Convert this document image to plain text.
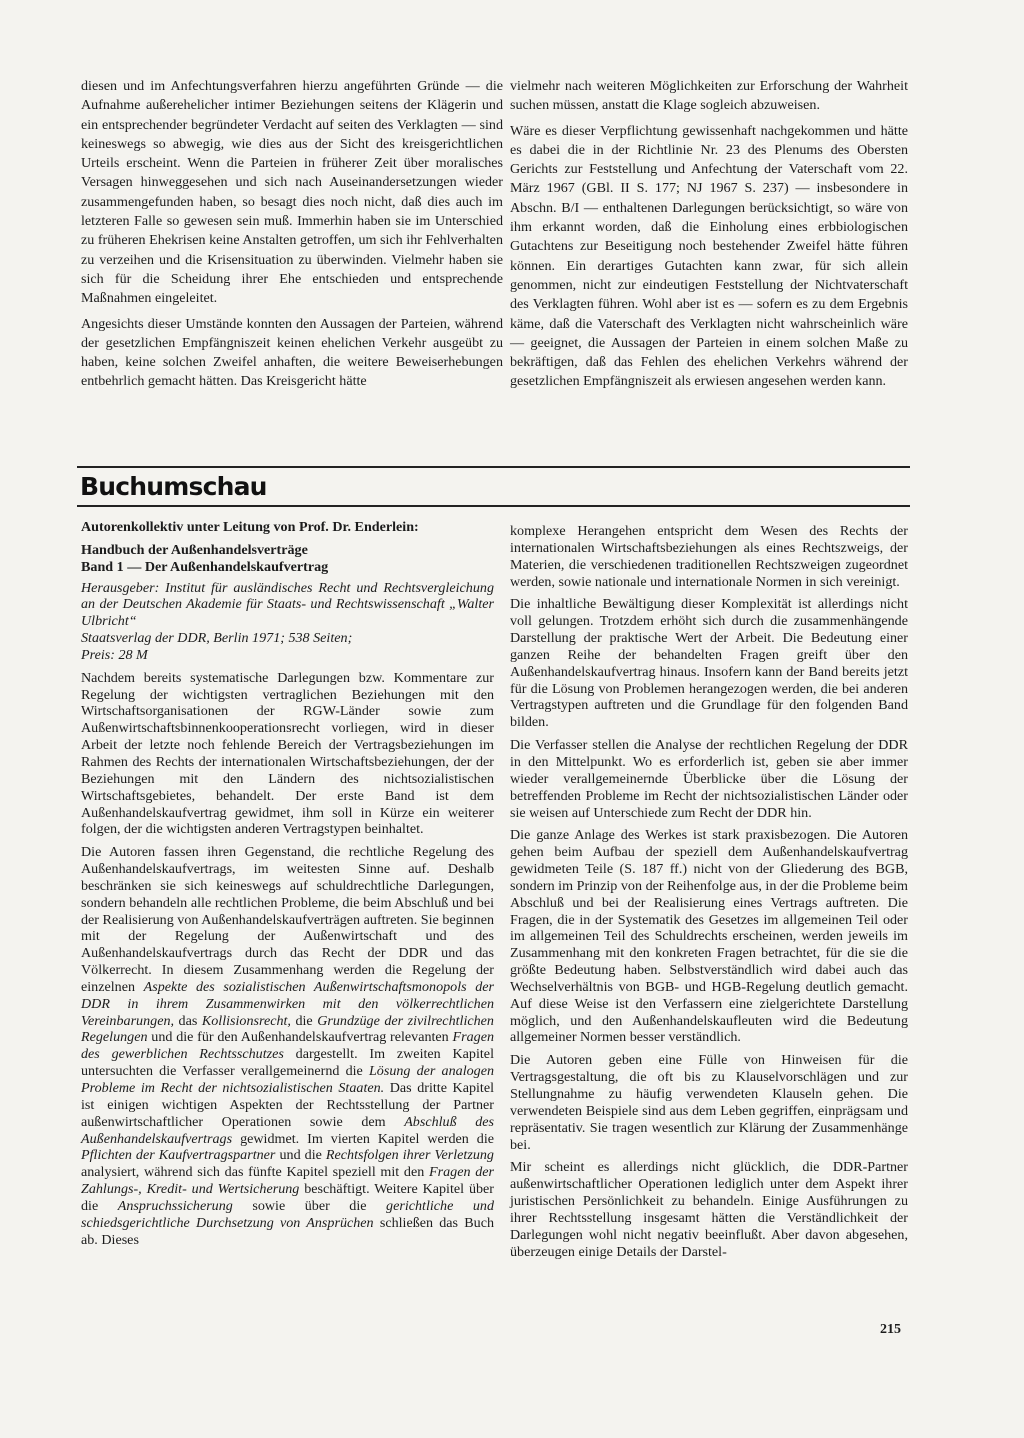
diesen und im Anfechtungsverfahren hierzu angeführten Gründe — die Aufnahme außerehelicher intimer Beziehungen seitens der Klägerin und ein entsprechender begründeter Verdacht auf seiten des Verklagten — sind keineswegs so abwegig, wie dies aus der Sicht des kreisgerichtlichen Urteils erscheint. Wenn die Parteien in früherer Zeit über moralisches Versagen hinweggesehen und sich nach Auseinandersetzungen wieder zusammengefunden haben, so besagt dies noch nicht, daß dies auch im letzteren Falle so gewesen sein muß. Immerhin haben sie im Unterschied zu früheren Ehekrisen keine Anstalten getroffen, um sich ihr Fehlverhalten zu verzeihen und die Krisensituation zu überwinden. Vielmehr haben sie sich für die Scheidung ihrer Ehe entschieden und entsprechende Maßnahmen eingeleitet.

Angesichts dieser Umstände konnten den Aussagen der Parteien, während der gesetzlichen Empfängniszeit keinen ehelichen Verkehr ausgeübt zu haben, keine solchen Zweifel anhaften, die weitere Beweiserhebungen entbehrlich gemacht hätten. Das Kreisgericht hätte

vielmehr nach weiteren Möglichkeiten zur Erforschung der Wahrheit suchen müssen, anstatt die Klage sogleich abzuweisen.

Wäre es dieser Verpflichtung gewissenhaft nachgekommen und hätte es dabei die in der Richtlinie Nr. 23 des Plenums des Obersten Gerichts zur Feststellung und Anfechtung der Vaterschaft vom 22. März 1967 (GBl. II S. 177; NJ 1967 S. 237) — insbesondere in Abschn. B/I — enthaltenen Darlegungen berücksichtigt, so wäre von ihm erkannt worden, daß die Einholung eines erbbiologischen Gutachtens zur Beseitigung noch bestehender Zweifel hätte führen können. Ein derartiges Gutachten kann zwar, für sich allein genommen, nicht zur eindeutigen Feststellung der Nichtvaterschaft des Verklagten führen. Wohl aber ist es — sofern es zu dem Ergebnis käme, daß die Vaterschaft des Verklagten nicht wahrscheinlich wäre — geeignet, die Aussagen der Parteien in einem solchen Maße zu bekräftigen, daß das Fehlen des ehelichen Verkehrs während der gesetzlichen Empfängniszeit als erwiesen angesehen werden kann.

Buchumschau
Autorenkollektiv unter Leitung von Prof. Dr. Enderlein:
Handbuch der Außenhandelsverträge
Band 1 — Der Außenhandelskaufvertrag
Herausgeber: Institut für ausländisches Recht und Rechtsvergleichung an der Deutschen Akademie für Staats- und Rechtswissenschaft „Walter Ulbricht“
Staatsverlag der DDR, Berlin 1971; 538 Seiten;
Preis: 28 M

Nachdem bereits systematische Darlegungen bzw. Kommentare zur Regelung der wichtigsten vertraglichen Beziehungen mit den Wirtschaftsorganisationen der RGW-Länder sowie zum Außenwirtschaftsbinnenkooperationsrecht vorliegen, wird in dieser Arbeit der letzte noch fehlende Bereich der Vertragsbeziehungen im Rahmen des Rechts der internationalen Wirtschaftsbeziehungen, der der Beziehungen mit den Ländern des nichtsozialistischen Wirtschaftsgebietes, behandelt. Der erste Band ist dem Außenhandelskaufvertrag gewidmet, ihm soll in Kürze ein weiterer folgen, der die wichtigsten anderen Vertragstypen beinhaltet.

Die Autoren fassen ihren Gegenstand, die rechtliche Regelung des Außenhandelskaufvertrags, im weitesten Sinne auf. Deshalb beschränken sie sich keineswegs auf schuldrechtliche Darlegungen, sondern behandeln alle rechtlichen Probleme, die beim Abschluß und bei der Realisierung von Außenhandelskaufverträgen auftreten. Sie beginnen mit der Regelung der Außenwirtschaft und des Außenhandelskaufvertrags durch das Recht der DDR und das Völkerrecht. In diesem Zusammenhang werden die Regelung der einzelnen Aspekte des sozialistischen Außenwirtschaftsmonopols der DDR in ihrem Zusammenwirken mit den völkerrechtlichen Vereinbarungen, das Kollisionsrecht, die Grundzüge der zivilrechtlichen Regelungen und die für den Außenhandelskaufvertrag relevanten Fragen des gewerblichen Rechtsschutzes dargestellt. Im zweiten Kapitel untersuchten die Verfasser verallgemeinernd die Lösung der analogen Probleme im Recht der nichtsozialistischen Staaten. Das dritte Kapitel ist einigen wichtigen Aspekten der Rechtsstellung der Partner außenwirtschaftlicher Operationen sowie dem Abschluß des Außenhandelskaufvertrags gewidmet. Im vierten Kapitel werden die Pflichten der Kaufvertragspartner und die Rechtsfolgen ihrer Verletzung analysiert, während sich das fünfte Kapitel speziell mit den Fragen der Zahlungs-, Kredit- und Wertsicherung beschäftigt. Weitere Kapitel über die Anspruchssicherung sowie über die gerichtliche und schiedsgerichtliche Durchsetzung von Ansprüchen schließen das Buch ab. Dieses

komplexe Herangehen entspricht dem Wesen des Rechts der internationalen Wirtschaftsbeziehungen als eines Rechtszweigs, der Materien, die verschiedenen traditionellen Rechtszweigen zugeordnet werden, sowie nationale und internationale Normen in sich vereinigt.

Die inhaltliche Bewältigung dieser Komplexität ist allerdings nicht voll gelungen. Trotzdem erhöht sich durch die zusammenhängende Darstellung der praktische Wert der Arbeit. Die Bedeutung einer ganzen Reihe der behandelten Fragen greift über den Außenhandelskaufvertrag hinaus. Insofern kann der Band bereits jetzt für die Lösung von Problemen herangezogen werden, die bei anderen Vertragstypen auftreten und die Grundlage für den folgenden Band bilden.

Die Verfasser stellen die Analyse der rechtlichen Regelung der DDR in den Mittelpunkt. Wo es erforderlich ist, geben sie aber immer wieder verallgemeinernde Überblicke über die Lösung der betreffenden Probleme im Recht der nichtsozialistischen Länder oder sie weisen auf Unterschiede zum Recht der DDR hin.

Die ganze Anlage des Werkes ist stark praxisbezogen. Die Autoren gehen beim Aufbau der speziell dem Außenhandelskaufvertrag gewidmeten Teile (S. 187 ff.) nicht von der Gliederung des BGB, sondern im Prinzip von der Reihenfolge aus, in der die Probleme beim Abschluß und bei der Realisierung eines Vertrags auftreten. Die Fragen, die in der Systematik des Gesetzes im allgemeinen Teil oder im allgemeinen Teil des Schuldrechts erscheinen, werden jeweils im Zusammenhang mit den konkreten Fragen betrachtet, für die sie die größte Bedeutung haben. Selbstverständlich wird dabei auch das Wechselverhältnis von BGB- und HGB-Regelung deutlich gemacht. Auf diese Weise ist den Verfassern eine zielgerichtete Darstellung möglich, und den Außenhandelskaufleuten wird die Bedeutung allgemeiner Normen besser verständlich.

Die Autoren geben eine Fülle von Hinweisen für die Vertragsgestaltung, die oft bis zu Klauselvorschlägen und zur Stellungnahme zu häufig verwendeten Klauseln gehen. Die verwendeten Beispiele sind aus dem Leben gegriffen, einprägsam und repräsentativ. Sie tragen wesentlich zur Klärung der Zusammenhänge bei.

Mir scheint es allerdings nicht glücklich, die DDR-Partner außenwirtschaftlicher Operationen lediglich unter dem Aspekt ihrer juristischen Persönlichkeit zu behandeln. Einige Ausführungen zu ihrer Rechtsstellung insgesamt hätten die Verständlichkeit der Darlegungen wohl nicht negativ beeinflußt. Aber davon abgesehen, überzeugen einige Details der Darstel-

215
